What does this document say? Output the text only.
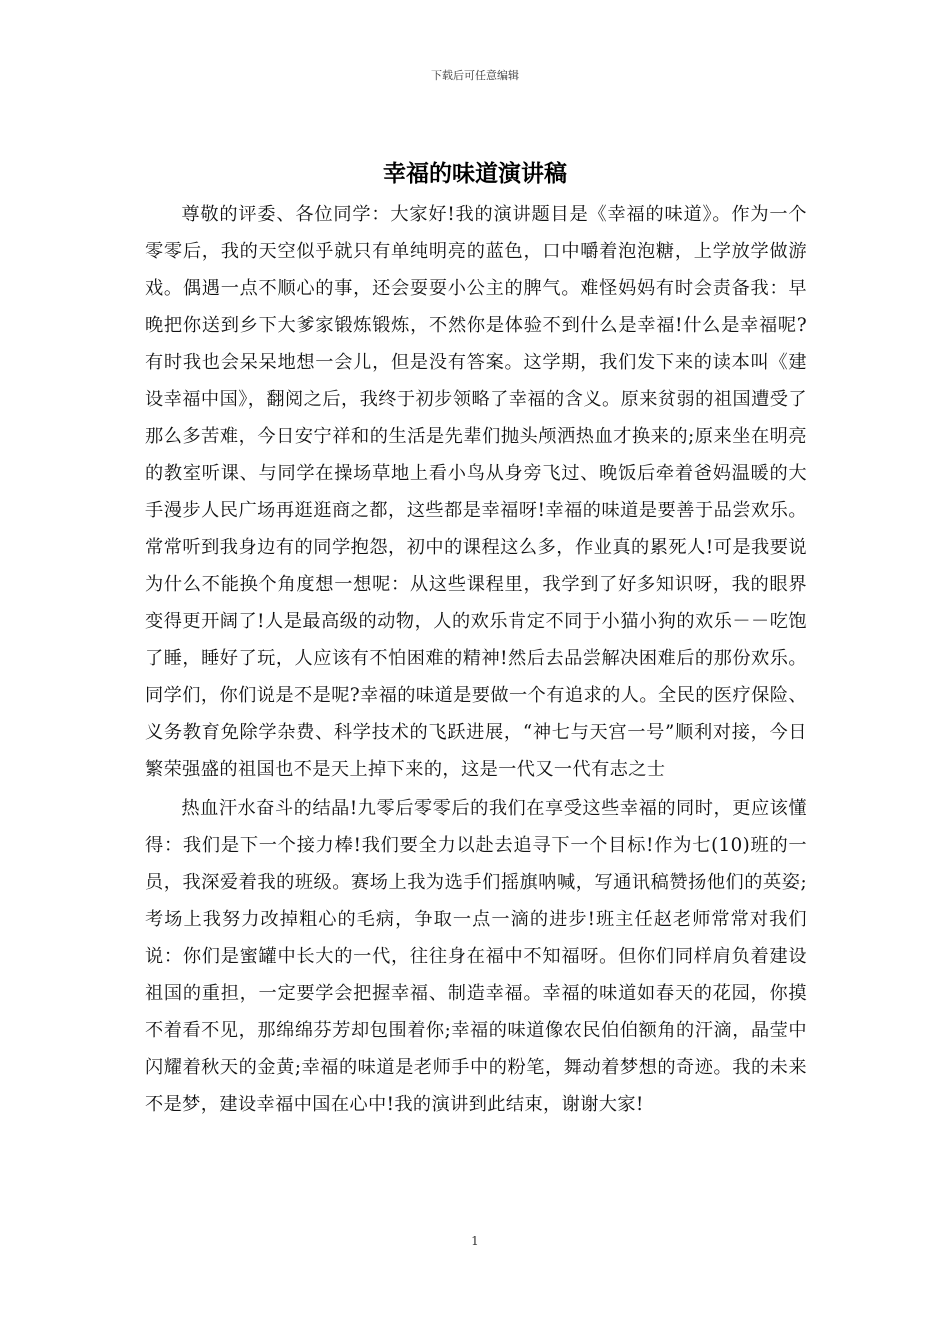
下载后可任意编辑
幸福的味道演讲稿

尊敬的评委、各位同学：大家好!我的演讲题目是《幸福的味道》。作为一个零零后，我的天空似乎就只有单纯明亮的蓝色，口中嚼着泡泡糖，上学放学做游戏。偶遇一点不顺心的事，还会耍耍小公主的脾气。难怪妈妈有时会责备我：早晚把你送到乡下大爹家锻炼锻炼，不然你是体验不到什么是幸福!什么是幸福呢?有时我也会呆呆地想一会儿，但是没有答案。这学期，我们发下来的读本叫《建设幸福中国》，翻阅之后，我终于初步领略了幸福的含义。原来贫弱的祖国遭受了那么多苦难，今日安宁祥和的生活是先辈们抛头颅洒热血才换来的;原来坐在明亮的教室听课、与同学在操场草地上看小鸟从身旁飞过、晚饭后牵着爸妈温暖的大手漫步人民广场再逛逛商之都，这些都是幸福呀!幸福的味道是要善于品尝欢乐。常常听到我身边有的同学抱怨，初中的课程这么多，作业真的累死人!可是我要说为什么不能换个角度想一想呢：从这些课程里，我学到了好多知识呀，我的眼界变得更开阔了!人是最高级的动物，人的欢乐肯定不同于小猫小狗的欢乐－－吃饱了睡，睡好了玩，人应该有不怕困难的精神!然后去品尝解决困难后的那份欢乐。同学们，你们说是不是呢?幸福的味道是要做一个有追求的人。全民的医疗保险、义务教育免除学杂费、科学技术的飞跃进展，“神七与天宫一号”顺利对接，今日繁荣强盛的祖国也不是天上掉下来的，这是一代又一代有志之士

热血汗水奋斗的结晶!九零后零零后的我们在享受这些幸福的同时，更应该懂得：我们是下一个接力棒!我们要全力以赴去追寻下一个目标!作为七(10)班的一员，我深爱着我的班级。赛场上我为选手们摇旗呐喊，写通讯稿赞扬他们的英姿;考场上我努力改掉粗心的毛病，争取一点一滴的进步!班主任赵老师常常对我们说：你们是蜜罐中长大的一代，往往身在福中不知福呀。但你们同样肩负着建设祖国的重担，一定要学会把握幸福、制造幸福。幸福的味道如春天的花园，你摸不着看不见，那绵绵芬芳却包围着你;幸福的味道像农民伯伯额角的汗滴，晶莹中闪耀着秋天的金黄;幸福的味道是老师手中的粉笔，舞动着梦想的奇迹。我的未来不是梦，建设幸福中国在心中!我的演讲到此结束，谢谢大家!

1
